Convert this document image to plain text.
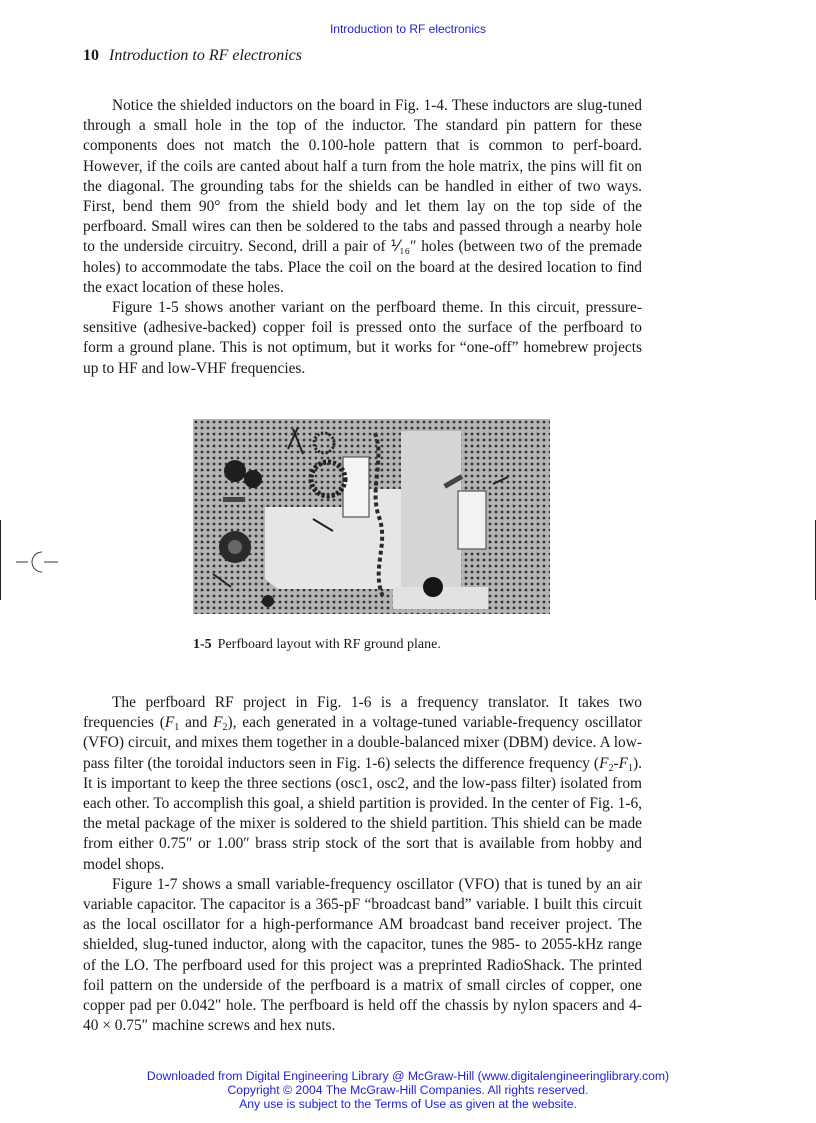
Introduction to RF electronics
10 Introduction to RF electronics

Notice the shielded inductors on the board in Fig. 1-4. These inductors are slug-tuned through a small hole in the top of the inductor. The standard pin pattern for these components does not match the 0.100-hole pattern that is common to perf-board. However, if the coils are canted about half a turn from the hole matrix, the pins will fit on the diagonal. The grounding tabs for the shields can be handled in either of two ways. First, bend them 90° from the shield body and let them lay on the top side of the perfboard. Small wires can then be soldered to the tabs and passed through a nearby hole to the underside circuitry. Second, drill a pair of ⅟₁₆″ holes (between two of the premade holes) to accommodate the tabs. Place the coil on the board at the desired location to find the exact location of these holes.

Figure 1-5 shows another variant on the perfboard theme. In this circuit, pressure-sensitive (adhesive-backed) copper foil is pressed onto the surface of the perfboard to form a ground plane. This is not optimum, but it works for “one-off” homebrew projects up to HF and low-VHF frequencies.

1-5 Perfboard layout with RF ground plane.

The perfboard RF project in Fig. 1-6 is a frequency translator. It takes two frequencies ($F_1$ and $F_2$), each generated in a voltage-tuned variable-frequency oscillator (VFO) circuit, and mixes them together in a double-balanced mixer (DBM) device. A low-pass filter (the toroidal inductors seen in Fig. 1-6) selects the difference frequency $(F_2-F_1)$. It is important to keep the three sections (osc1, osc2, and the low-pass filter) isolated from each other. To accomplish this goal, a shield partition is provided. In the center of Fig. 1-6, the metal package of the mixer is soldered to the shield partition. This shield can be made from either 0.75″ or 1.00″ brass strip stock of the sort that is available from hobby and model shops.

Figure 1-7 shows a small variable-frequency oscillator (VFO) that is tuned by an air variable capacitor. The capacitor is a 365-pF “broadcast band” variable. I built this circuit as the local oscillator for a high-performance AM broadcast band receiver project. The shielded, slug-tuned inductor, along with the capacitor, tunes the 985- to 2055-kHz range of the LO. The perfboard used for this project was a preprinted RadioShack. The printed foil pattern on the underside of the perfboard is a matrix of small circles of copper, one copper pad per 0.042″ hole. The perfboard is held off the chassis by nylon spacers and 4-40 × 0.75″ machine screws and hex nuts.

Downloaded from Digital Engineering Library @ McGraw-Hill (www.digitalengineeringlibrary.com)
Copyright © 2004 The McGraw-Hill Companies. All rights reserved.
Any use is subject to the Terms of Use as given at the website.
